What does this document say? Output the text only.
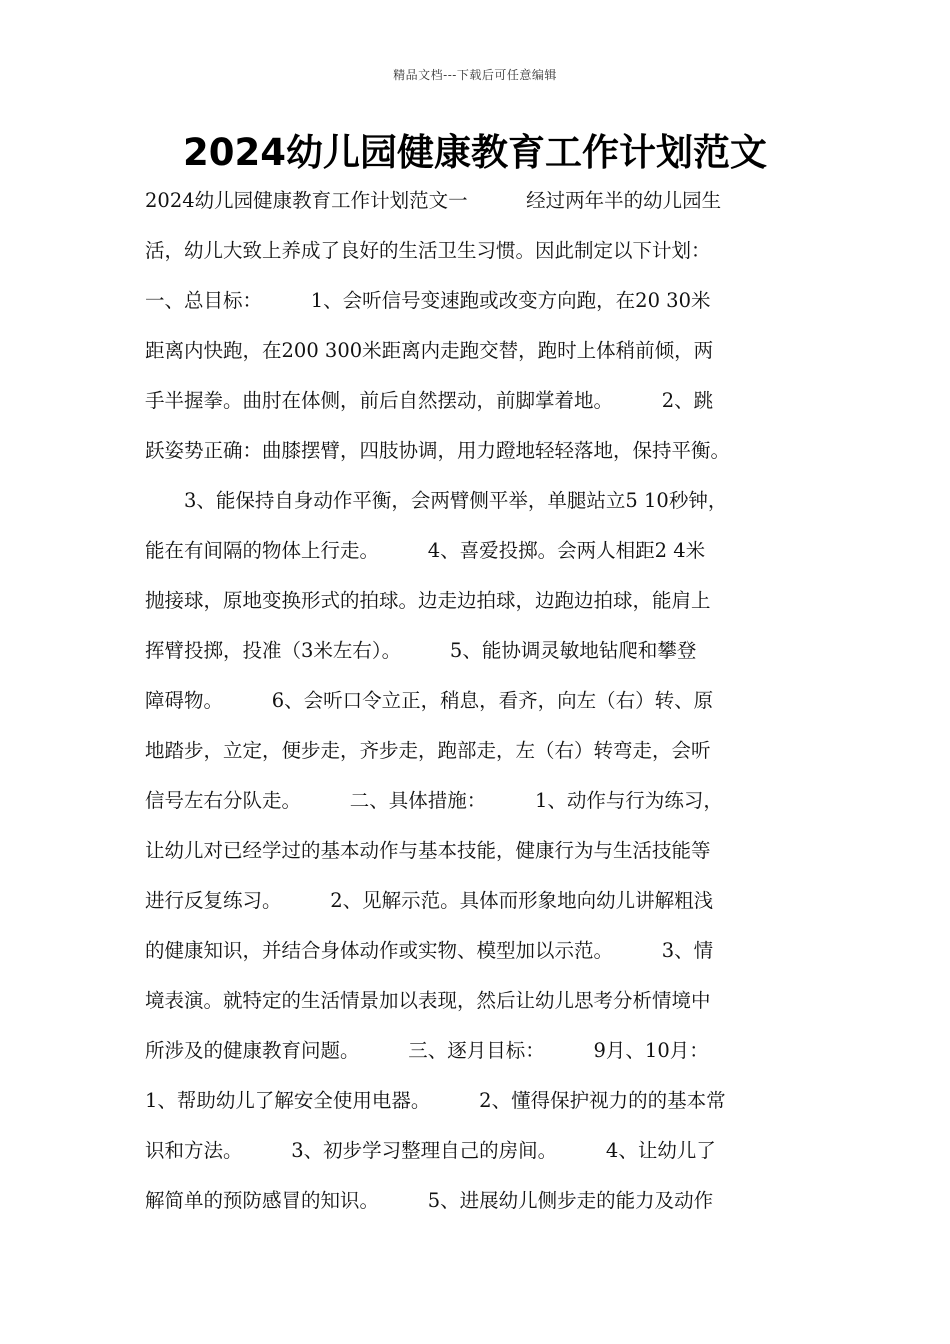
精品文档---下载后可任意编辑
2024幼儿园健康教育工作计划范文
2024幼儿园健康教育工作计划范文一　　　经过两年半的幼儿园生
活，幼儿大致上养成了良好的生活卫生习惯。因此制定以下计划：
一、总目标：　　　1、会听信号变速跑或改变方向跑，在20 30米
距离内快跑，在200 300米距离内走跑交替，跑时上体稍前倾，两
手半握拳。曲肘在体侧，前后自然摆动，前脚掌着地。　　　2、跳
跃姿势正确：曲膝摆臂，四肢协调，用力蹬地轻轻落地，保持平衡。
　　3、能保持自身动作平衡，会两臂侧平举，单腿站立5 10秒钟，
能在有间隔的物体上行走。　　　4、喜爱投掷。会两人相距2 4米
抛接球，原地变换形式的拍球。边走边拍球，边跑边拍球，能肩上
挥臂投掷，投准（3米左右）。　　　5、能协调灵敏地钻爬和攀登
障碍物。　　　6、会听口令立正，稍息，看齐，向左（右）转、原
地踏步，立定，便步走，齐步走，跑部走，左（右）转弯走，会听
信号左右分队走。　　　二、具体措施：　　　1、动作与行为练习，
让幼儿对已经学过的基本动作与基本技能，健康行为与生活技能等
进行反复练习。　　　2、见解示范。具体而形象地向幼儿讲解粗浅
的健康知识，并结合身体动作或实物、模型加以示范。　　　3、情
境表演。就特定的生活情景加以表现，然后让幼儿思考分析情境中
所涉及的健康教育问题。　　　三、逐月目标：　　　9月、10月：
1、帮助幼儿了解安全使用电器。　　　2、懂得保护视力的的基本常
识和方法。　　　3、初步学习整理自己的房间。　　　4、让幼儿了
解简单的预防感冒的知识。　　　5、进展幼儿侧步走的能力及动作
